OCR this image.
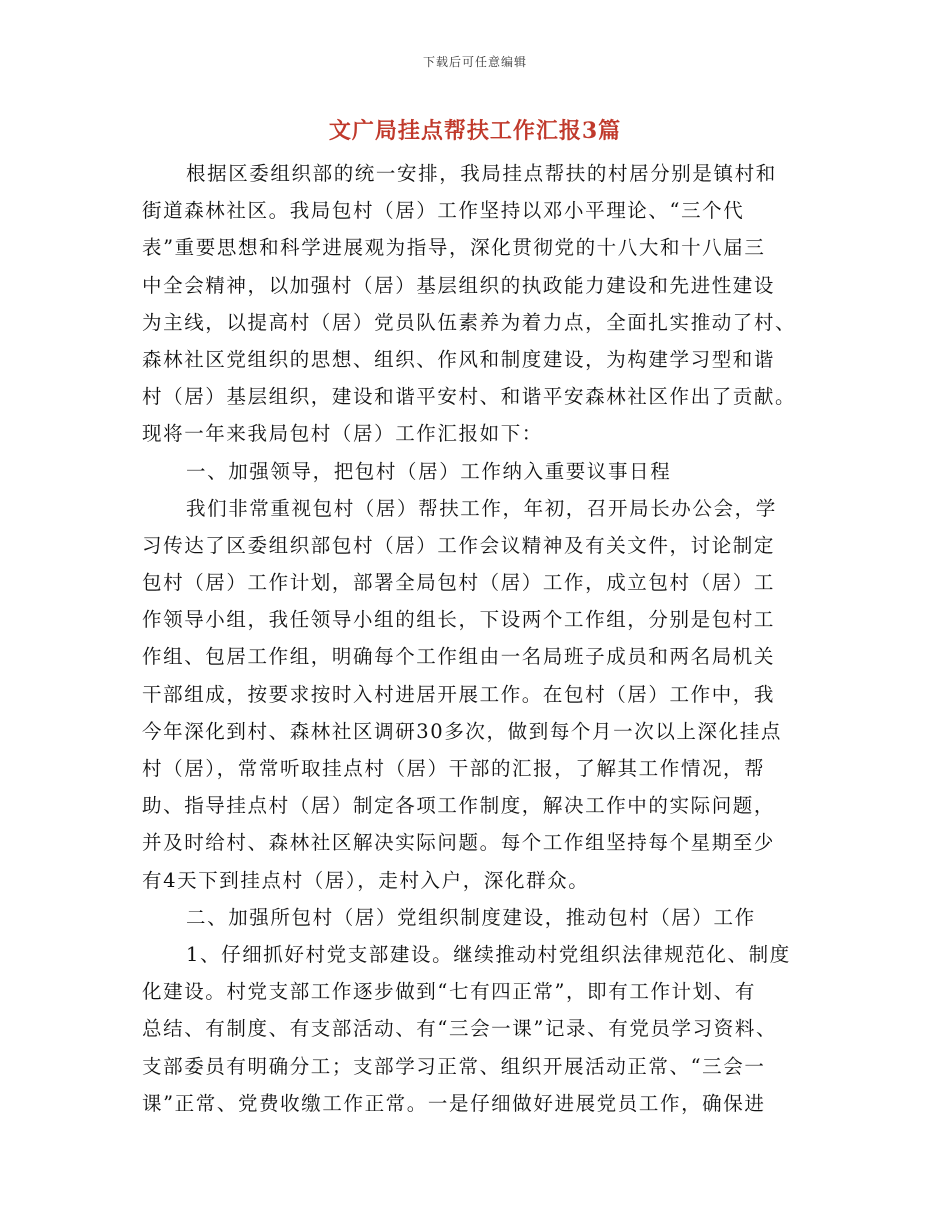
下载后可任意编辑
文广局挂点帮扶工作汇报3篇
根据区委组织部的统一安排，我局挂点帮扶的村居分别是镇村和
街道森林社区。我局包村（居）工作坚持以邓小平理论、“三个代
表”重要思想和科学进展观为指导，深化贯彻党的十八大和十八届三
中全会精神，以加强村（居）基层组织的执政能力建设和先进性建设
为主线，以提高村（居）党员队伍素养为着力点，全面扎实推动了村、
森林社区党组织的思想、组织、作风和制度建设，为构建学习型和谐
村（居）基层组织，建设和谐平安村、和谐平安森林社区作出了贡献。
现将一年来我局包村（居）工作汇报如下：
一、加强领导，把包村（居）工作纳入重要议事日程
我们非常重视包村（居）帮扶工作，年初，召开局长办公会，学
习传达了区委组织部包村（居）工作会议精神及有关文件，讨论制定
包村（居）工作计划，部署全局包村（居）工作，成立包村（居）工
作领导小组，我任领导小组的组长，下设两个工作组，分别是包村工
作组、包居工作组，明确每个工作组由一名局班子成员和两名局机关
干部组成，按要求按时入村进居开展工作。在包村（居）工作中，我
今年深化到村、森林社区调研30多次，做到每个月一次以上深化挂点
村（居），常常听取挂点村（居）干部的汇报，了解其工作情况，帮
助、指导挂点村（居）制定各项工作制度，解决工作中的实际问题，
并及时给村、森林社区解决实际问题。每个工作组坚持每个星期至少
有4天下到挂点村（居），走村入户，深化群众。
二、加强所包村（居）党组织制度建设，推动包村（居）工作
1、仔细抓好村党支部建设。继续推动村党组织法律规范化、制度
化建设。村党支部工作逐步做到“七有四正常”，即有工作计划、有
总结、有制度、有支部活动、有“三会一课”记录、有党员学习资料、
支部委员有明确分工；支部学习正常、组织开展活动正常、“三会一
课”正常、党费收缴工作正常。一是仔细做好进展党员工作，确保进
